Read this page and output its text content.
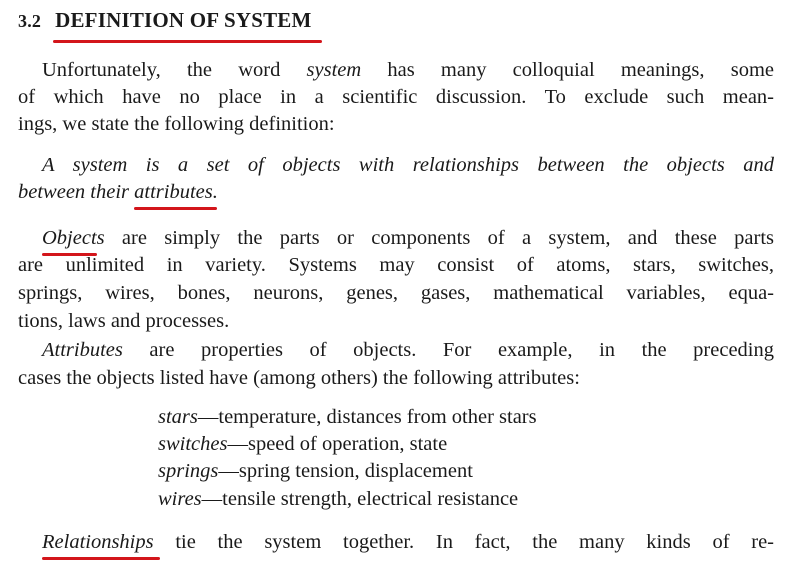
3.2 DEFINITION OF SYSTEM
Unfortunately, the word system has many colloquial meanings, some
of which have no place in a scientific discussion. To exclude such mean-
ings, we state the following definition:
A system is a set of objects with relationships between the objects and
between their attributes
.
Objects
are simply the parts or components of a system, and these parts
are unlimited in variety. Systems may consist of atoms, stars, switches,
springs, wires, bones, neurons, genes, gases, mathematical variables, equa-
tions, laws and processes.
Attributes are properties of objects. For example, in the preceding
cases the objects listed have (among others) the following attributes:
stars—temperature, distances from other stars
switches—speed of operation, state
springs—spring tension, displacement
wires—tensile strength, electrical resistance
Relationships
tie the system together. In fact, the many kinds of re-
